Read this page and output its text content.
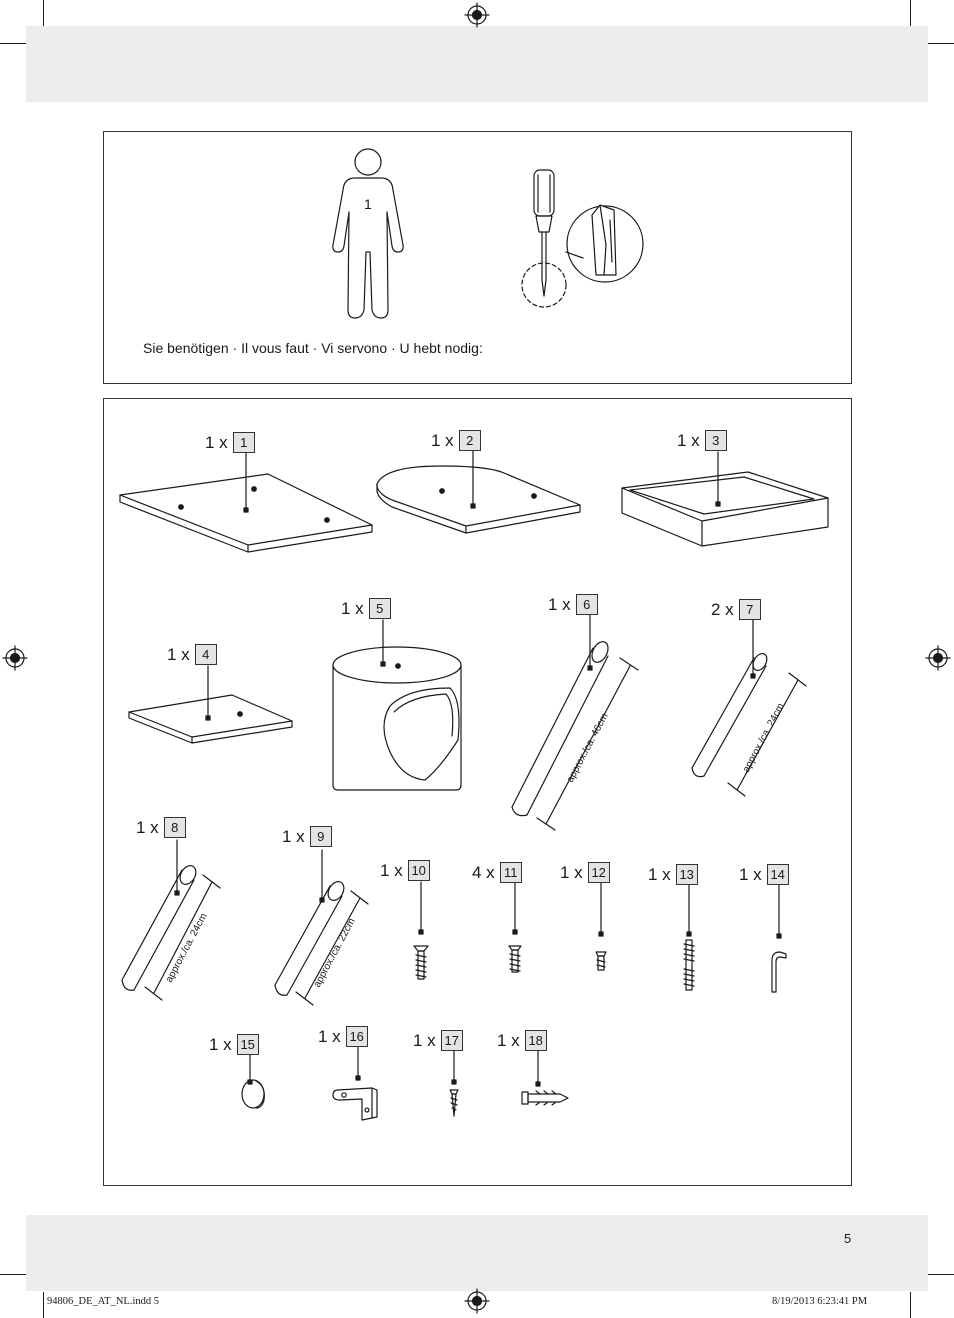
approx./ca. 46cm	approx./ca. 24cm
approx./ca. 24cm	approx./ca. 22cm
1
Sie benötigen · Il vous faut · Vi servono · U hebt nodig:
1 x 1	1 x 2	1 x 3
1 x 4
1 x 5	1 x 6	2 x 7
1 x 8	1 x 9
1 x 10	4 x 11	1 x 12 1 x 13	1 x 14
1 x 15	1 x 16	1 x 17 1 x 18
5
94806_DE_AT_NL.indd 5	8/19/2013 6:23:41 PM
